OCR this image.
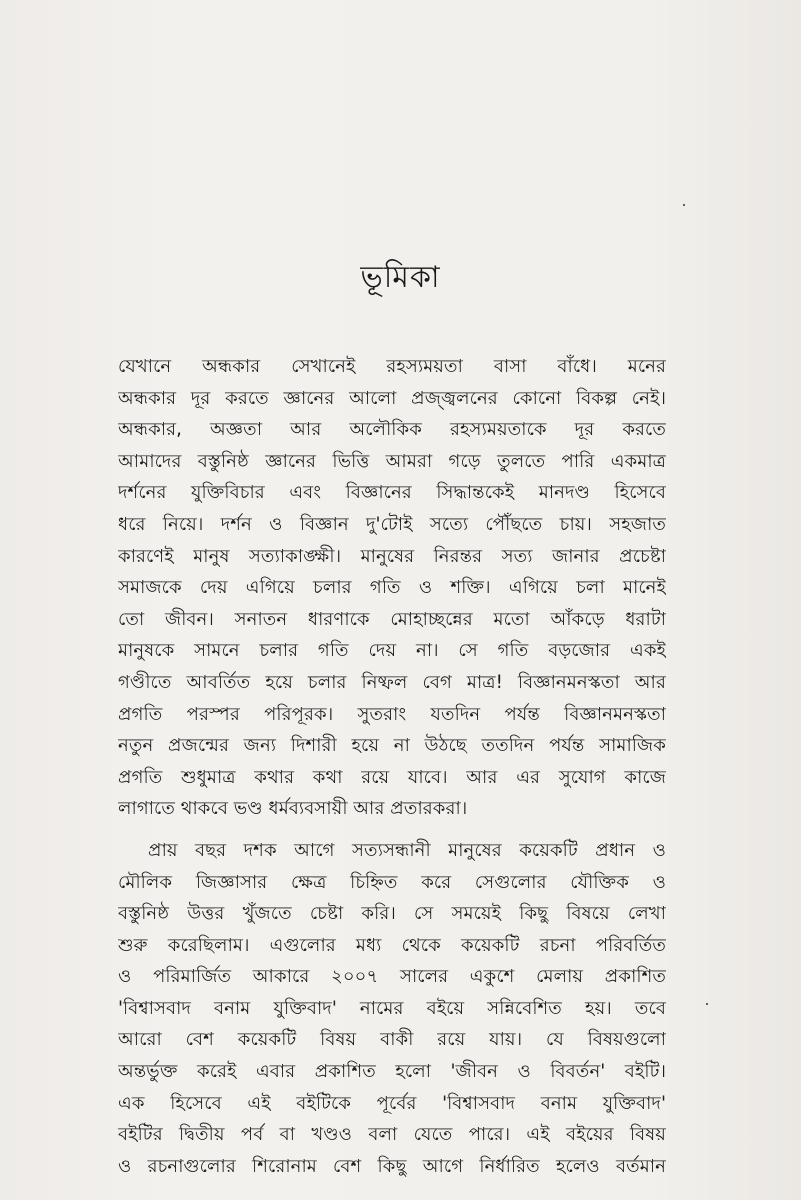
ভূমিকা
যেখানে অন্ধকার সেখানেই রহস্যময়তা বাসা বাঁধে। মনের
অন্ধকার দূর করতে জ্ঞানের আলো প্রজ্জ্বলনের কোনো বিকল্প নেই।
অন্ধকার, অজ্ঞতা আর অলৌকিক রহস্যময়তাকে দূর করতে
আমাদের বস্তুনিষ্ঠ জ্ঞানের ভিত্তি আমরা গড়ে তুলতে পারি একমাত্র
দর্শনের যুক্তিবিচার এবং বিজ্ঞানের সিদ্ধান্তকেই মানদণ্ড হিসেবে
ধরে নিয়ে। দর্শন ও বিজ্ঞান দু'টোই সত্যে পৌঁছতে চায়। সহজাত
কারণেই মানুষ সত্যাকাঙ্ক্ষী। মানুষের নিরন্তর সত্য জানার প্রচেষ্টা
সমাজকে দেয় এগিয়ে চলার গতি ও শক্তি। এগিয়ে চলা মানেই
তো জীবন। সনাতন ধারণাকে মোহাচ্ছন্নের মতো আঁকড়ে ধরাটা
মানুষকে সামনে চলার গতি দেয় না। সে গতি বড়জোর একই
গণ্ডীতে আবর্তিত হয়ে চলার নিষ্ফল বেগ মাত্র! বিজ্ঞানমনস্কতা আর
প্রগতি পরস্পর পরিপূরক। সুতরাং যতদিন পর্যন্ত বিজ্ঞানমনস্কতা
নতুন প্রজন্মের জন্য দিশারী হয়ে না উঠছে ততদিন পর্যন্ত সামাজিক
প্রগতি শুধুমাত্র কথার কথা রয়ে যাবে। আর এর সুযোগ কাজে
লাগাতে থাকবে ভণ্ড ধর্মব্যবসায়ী আর প্রতারকরা।
প্রায় বছর দশক আগে সত্যসন্ধানী মানুষের কয়েকটি প্রধান ও
মৌলিক জিজ্ঞাসার ক্ষেত্র চিহ্নিত করে সেগুলোর যৌক্তিক ও
বস্তুনিষ্ঠ উত্তর খুঁজতে চেষ্টা করি। সে সময়েই কিছু বিষয়ে লেখা
শুরু করেছিলাম। এগুলোর মধ্য থেকে কয়েকটি রচনা পরিবর্তিত
ও পরিমার্জিত আকারে ২০০৭ সালের একুশে মেলায় প্রকাশিত
'বিশ্বাসবাদ বনাম যুক্তিবাদ' নামের বইয়ে সন্নিবেশিত হয়। তবে
আরো বেশ কয়েকটি বিষয় বাকী রয়ে যায়। যে বিষয়গুলো
অন্তর্ভুক্ত করেই এবার প্রকাশিত হলো 'জীবন ও বিবর্তন' বইটি।
এক হিসেবে এই বইটিকে পূর্বের 'বিশ্বাসবাদ বনাম যুক্তিবাদ'
বইটির দ্বিতীয় পর্ব বা খণ্ডও বলা যেতে পারে। এই বইয়ের বিষয়
ও রচনাগুলোর শিরোনাম বেশ কিছু আগে নির্ধারিত হলেও বর্তমান
